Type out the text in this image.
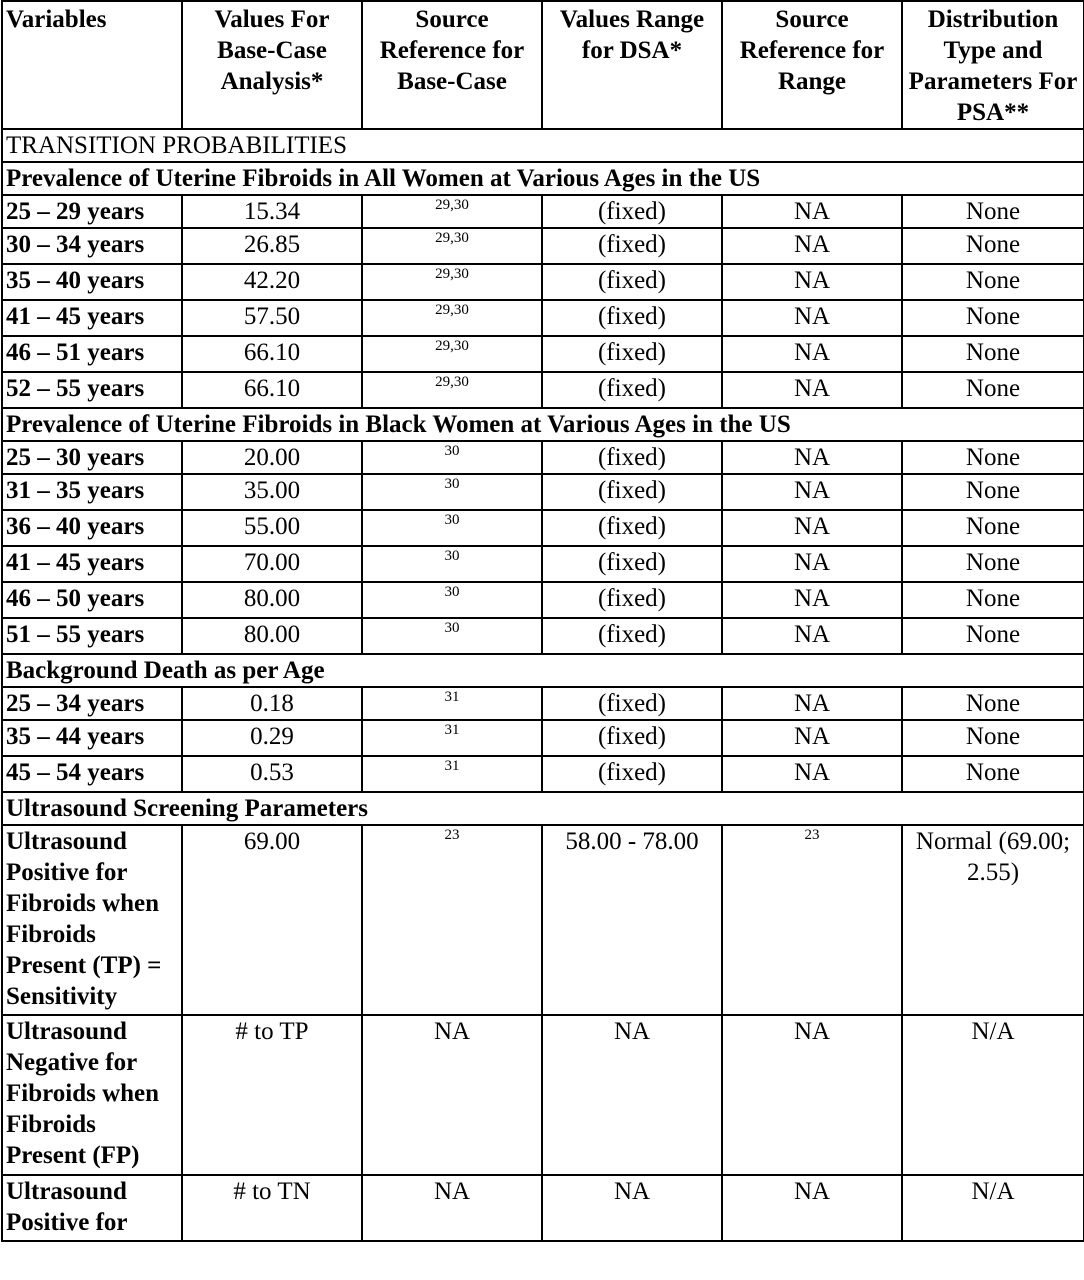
Variables	Values For Base-Case Analysis*	Source Reference for Base-Case	Values Range for DSA*	Source Reference for Range	Distribution Type and Parameters For PSA**
TRANSITION PROBABILITIES					
Prevalence of Uterine Fibroids in All Women at Various Ages in the US					
25 – 29 years	15.34	29,30	(fixed)	NA	None
30 – 34 years	26.85	29,30	(fixed)	NA	None
35 – 40 years	42.20	29,30	(fixed)	NA	None
41 – 45 years	57.50	29,30	(fixed)	NA	None
46 – 51 years	66.10	29,30	(fixed)	NA	None
52 – 55 years	66.10	29,30	(fixed)	NA	None
Prevalence of Uterine Fibroids in Black Women at Various Ages in the US					
25 – 30 years	20.00	30	(fixed)	NA	None
31 – 35 years	35.00	30	(fixed)	NA	None
36 – 40 years	55.00	30	(fixed)	NA	None
41 – 45 years	70.00	30	(fixed)	NA	None
46 – 50 years	80.00	30	(fixed)	NA	None
51 – 55 years	80.00	30	(fixed)	NA	None
Background Death as per Age					
25 – 34 years	0.18	31	(fixed)	NA	None
35 – 44 years	0.29	31	(fixed)	NA	None
45 – 54 years	0.53	31	(fixed)	NA	None
Ultrasound Screening Parameters					
Ultrasound Positive for Fibroids when Fibroids Present (TP) = Sensitivity	69.00	23	58.00 - 78.00	23	Normal (69.00; 2.55)
Ultrasound Negative for Fibroids when Fibroids Present (FP)	# to TP	NA	NA	NA	N/A
Ultrasound Positive for	# to TN	NA	NA	NA	N/A
